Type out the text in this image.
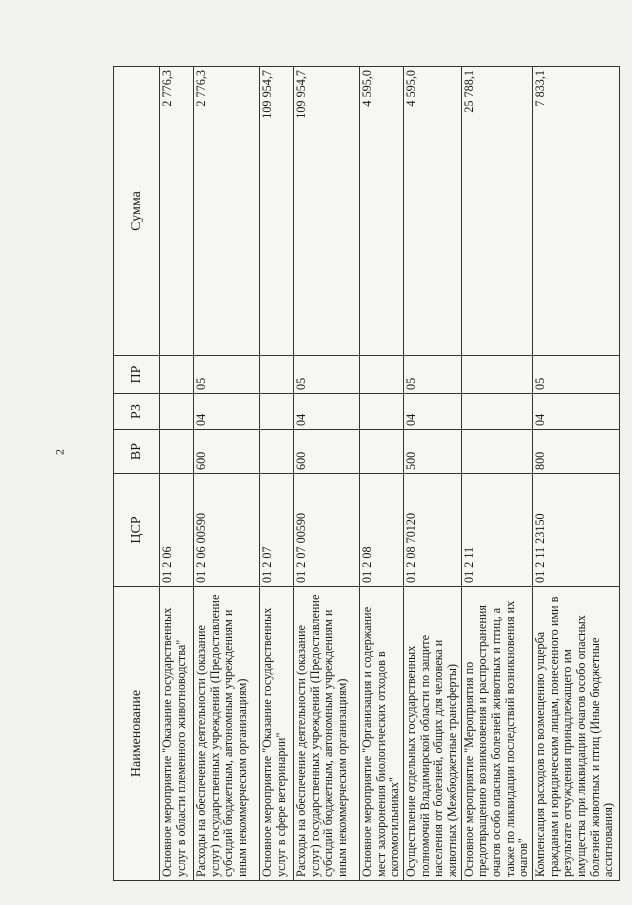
2
Наименование	ЦСР	ВР	РЗ	ПР	Сумма
Основное мероприятие "Оказание государственных услуг в области племенного животноводства"	01 2 06				2 776,3
Расходы на обеспечение деятельности (оказание услуг) государственных учреждений (Предоставление субсидий бюджетным, автономным учреждениям и иным некоммерческим организациям)	01 2 06 00590	600	04	05	2 776,3
Основное мероприятие "Оказание государственных услуг в сфере ветеринарии"	01 2 07				109 954,7
Расходы на обеспечение деятельности (оказание услуг) государственных учреждений (Предоставление субсидий бюджетным, автономным учреждениям и иным некоммерческим организациям)	01 2 07 00590	600	04	05	109 954,7
Основное мероприятие "Организация и содержание мест захоронения биологических отходов в скотомогильниках"	01 2 08				4 595,0
Осуществление отдельных государственных полномочий Владимирской области по защите населения от болезней, общих для человека и животных (Межбюджетные трансферты)	01 2 08 70120	500	04	05	4 595,0
Основное мероприятие "Мероприятия по предотвращению возникновения и распространения очагов особо опасных болезней животных и птиц, а также по ликвидации последствий возникновения их очагов"	01 2 11				25 788,1
Компенсация расходов по возмещению ущерба гражданам и юридическим лицам, понесенного ими в результате отчуждения принадлежащего им имущества при ликвидации очагов особо опасных болезней животных и птиц (Иные бюджетные ассигнования)	01 2 11 23150	800	04	05	7 833,1
